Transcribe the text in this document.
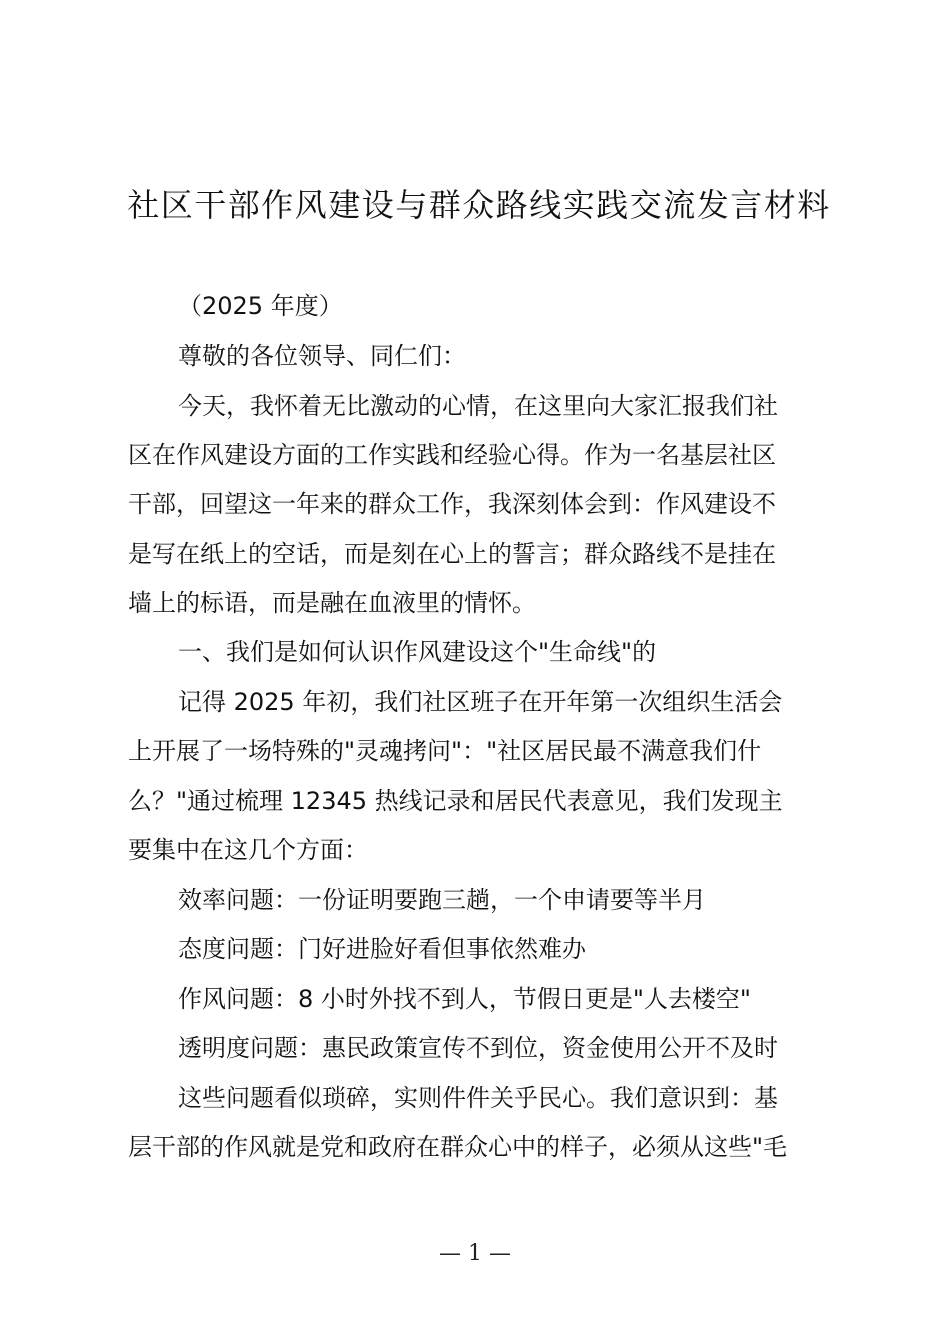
社区干部作风建设与群众路线实践交流发言材料

（2025 年度）

尊敬的各位领导、同仁们：

今天，我怀着无比激动的心情，在这里向大家汇报我们社

区在作风建设方面的工作实践和经验心得。作为一名基层社区

干部，回望这一年来的群众工作，我深刻体会到：作风建设不

是写在纸上的空话，而是刻在心上的誓言；群众路线不是挂在

墙上的标语，而是融在血液里的情怀。

一、我们是如何认识作风建设这个"生命线"的

记得 2025 年初，我们社区班子在开年第一次组织生活会

上开展了一场特殊的"灵魂拷问"："社区居民最不满意我们什

么？"通过梳理 12345 热线记录和居民代表意见，我们发现主

要集中在这几个方面：

效率问题：一份证明要跑三趟，一个申请要等半月

态度问题：门好进脸好看但事依然难办

作风问题：8 小时外找不到人，节假日更是"人去楼空"

透明度问题：惠民政策宣传不到位，资金使用公开不及时

这些问题看似琐碎，实则件件关乎民心。我们意识到：基

层干部的作风就是党和政府在群众心中的样子，必须从这些"毛

— 1 —
